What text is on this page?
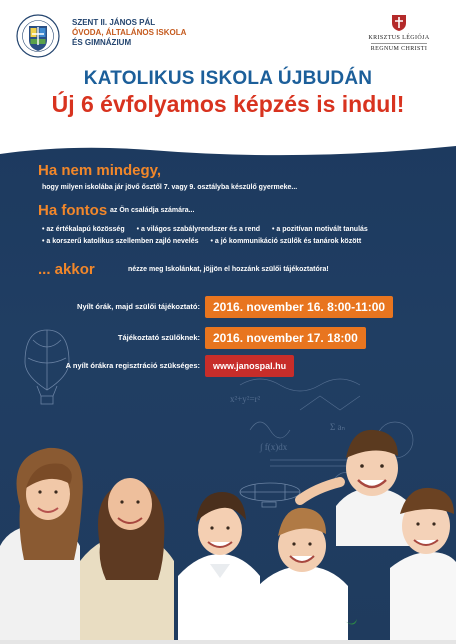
SZENT II. JÁNOS PÁL
ÓVODA, ÁLTALÁNOS ISKOLA
ÉS GIMNÁZIUM	KRISZTUS LÉGIÓJA
REGNUM CHRISTI
KATOLIKUS ISKOLA ÚJBUDÁN
Új 6 évfolyamos képzés is indul!
x²+y²=r²
Σ aₙ
∫ f(x)dx
Ha nem mindegy,
hogy milyen iskolába jár jövő ősztől 7. vagy 9. osztályba készülő gyermeke...
Ha fontos az Ön családja számára...
• az értékalapú közösség • a világos szabályrendszer és a rend • a pozitívan motivált tanulás
• a korszerű katolikus szellemben zajló nevelés • a jó kommunikáció szülők és tanárok között
... akkor	nézze meg Iskolánkat, jöjjön el hozzánk szülői tájékoztatóra!
Nyílt órák, majd szülői tájékoztató:	2016. november 16. 8:00-11:00
Tájékoztató szülőknek:	2016. november 17. 18:00
A nyílt órákra regisztráció szükséges:	www.janospal.hu
